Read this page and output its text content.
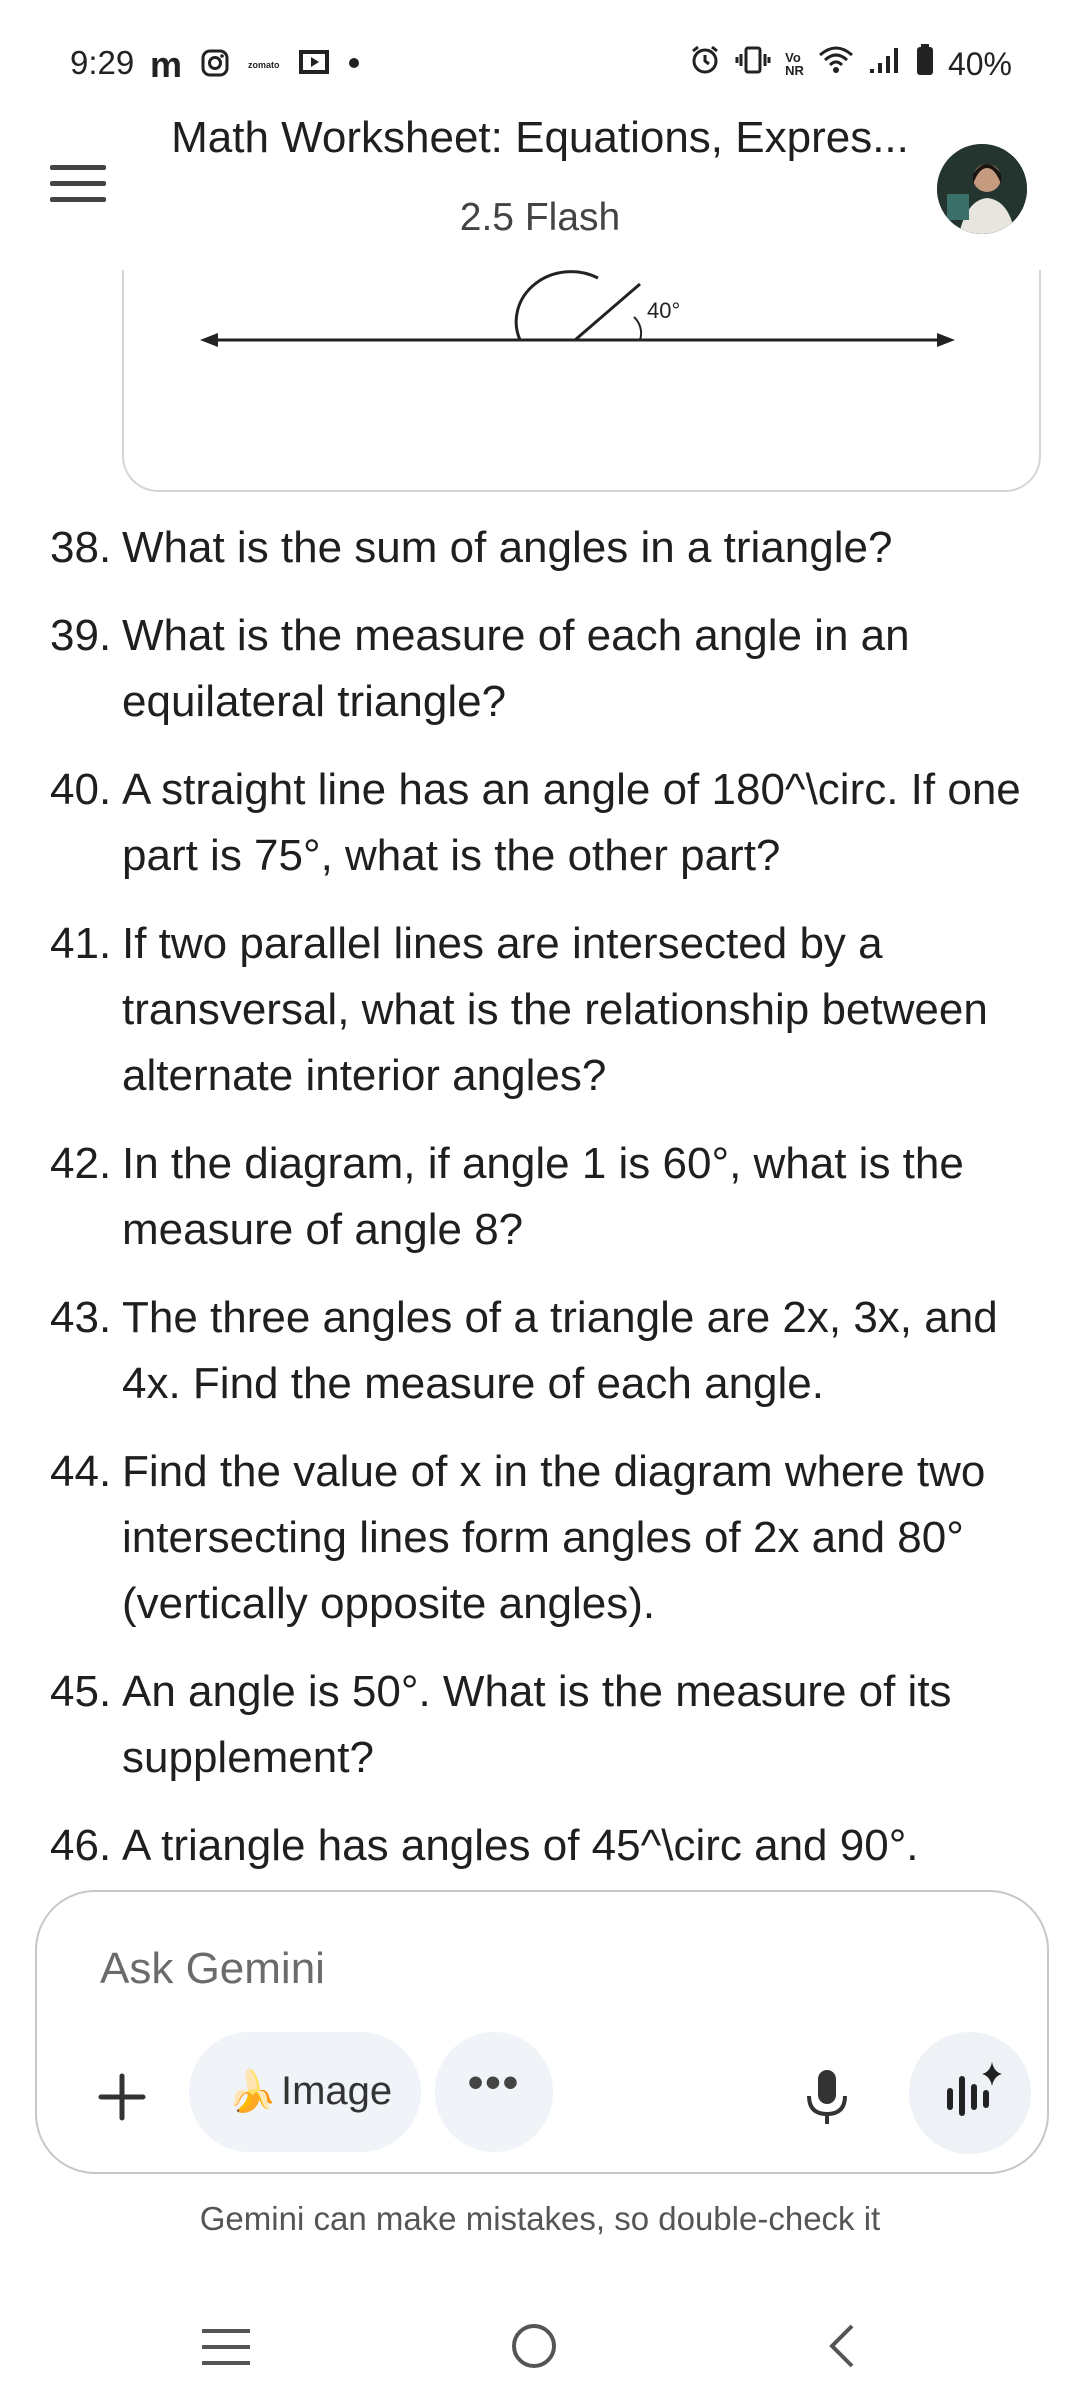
9:29 m	zomato	Vo
NR	40%
Math Worksheet: Equations, Expres...
2.5 Flash
40°
38. What is the sum of angles in a triangle?
39. What is the measure of each angle in an equilateral triangle?
40. A straight line has an angle of 180^\circ. If one part is 75°, what is the other part?
41. If two parallel lines are intersected by a transversal, what is the relationship between alternate interior angles?
42. In the diagram, if angle 1 is 60°, what is the measure of angle 8?
43. The three angles of a triangle are 2x, 3x, and 4x. Find the measure of each angle.
44. Find the value of x in the diagram where two intersecting lines form angles of 2x and 80° (vertically opposite angles).
45. An angle is 50°. What is the measure of its supplement?
46. A triangle has angles of 45^\circ and 90°.
Ask Gemini
🍌 Image	•••
Gemini can make mistakes, so double-check it
